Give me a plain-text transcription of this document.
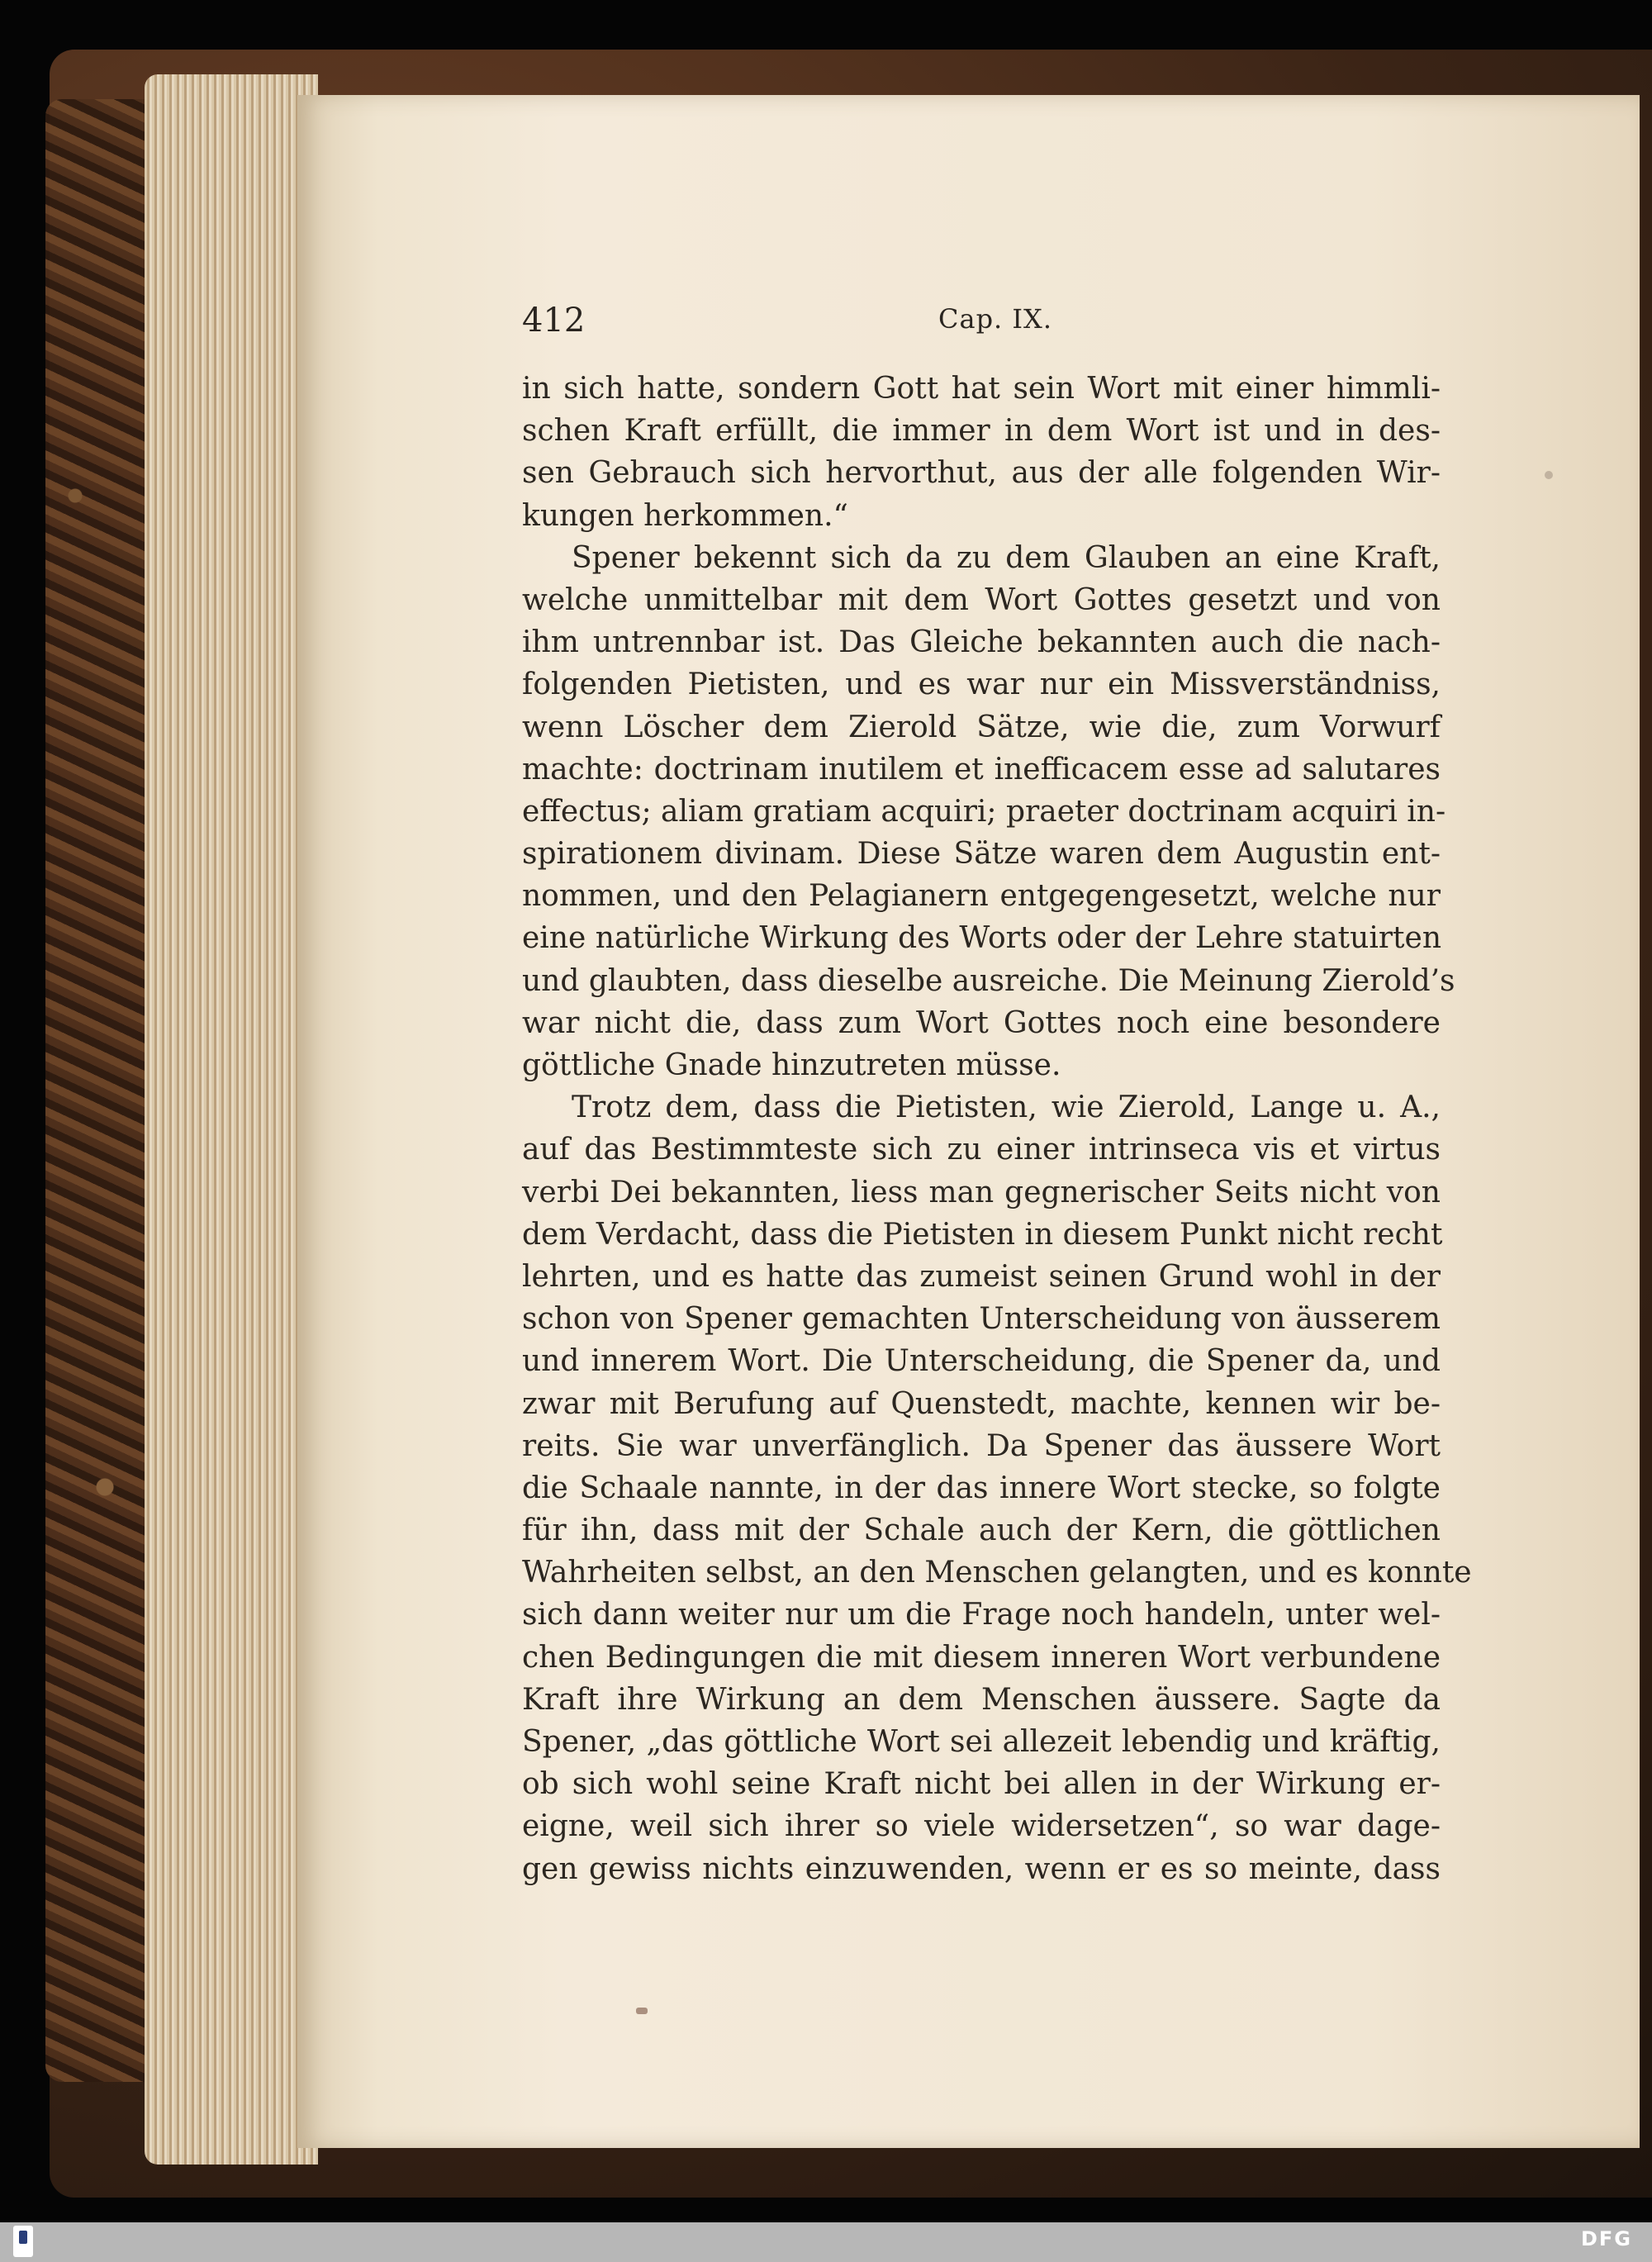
412	Cap. IX.
in sich hatte, sondern Gott hat sein Wort mit einer himmli-
schen Kraft erfüllt, die immer in dem Wort ist und in des-
sen Gebrauch sich hervorthut, aus der alle folgenden Wir-
kungen herkommen.“
Spener bekennt sich da zu dem Glauben an eine Kraft,
welche unmittelbar mit dem Wort Gottes gesetzt und von
ihm untrennbar ist. Das Gleiche bekannten auch die nach-
folgenden Pietisten, und es war nur ein Missverständniss,
wenn Löscher dem Zierold Sätze, wie die, zum Vorwurf
machte: doctrinam inutilem et inefficacem esse ad salutares
effectus; aliam gratiam acquiri; praeter doctrinam acquiri in-
spirationem divinam. Diese Sätze waren dem Augustin ent-
nommen, und den Pelagianern entgegengesetzt, welche nur
eine natürliche Wirkung des Worts oder der Lehre statuirten
und glaubten, dass dieselbe ausreiche. Die Meinung Zierold’s
war nicht die, dass zum Wort Gottes noch eine besondere
göttliche Gnade hinzutreten müsse.
Trotz dem, dass die Pietisten, wie Zierold, Lange u. A.,
auf das Bestimmteste sich zu einer intrinseca vis et virtus
verbi Dei bekannten, liess man gegnerischer Seits nicht von
dem Verdacht, dass die Pietisten in diesem Punkt nicht recht
lehrten, und es hatte das zumeist seinen Grund wohl in der
schon von Spener gemachten Unterscheidung von äusserem
und innerem Wort. Die Unterscheidung, die Spener da, und
zwar mit Berufung auf Quenstedt, machte, kennen wir be-
reits. Sie war unverfänglich. Da Spener das äussere Wort
die Schaale nannte, in der das innere Wort stecke, so folgte
für ihn, dass mit der Schale auch der Kern, die göttlichen
Wahrheiten selbst, an den Menschen gelangten, und es konnte
sich dann weiter nur um die Frage noch handeln, unter wel-
chen Bedingungen die mit diesem inneren Wort verbundene
Kraft ihre Wirkung an dem Menschen äussere. Sagte da
Spener, „das göttliche Wort sei allezeit lebendig und kräftig,
ob sich wohl seine Kraft nicht bei allen in der Wirkung er-
eigne, weil sich ihrer so viele widersetzen“, so war dage-
gen gewiss nichts einzuwenden, wenn er es so meinte, dass
DFG
